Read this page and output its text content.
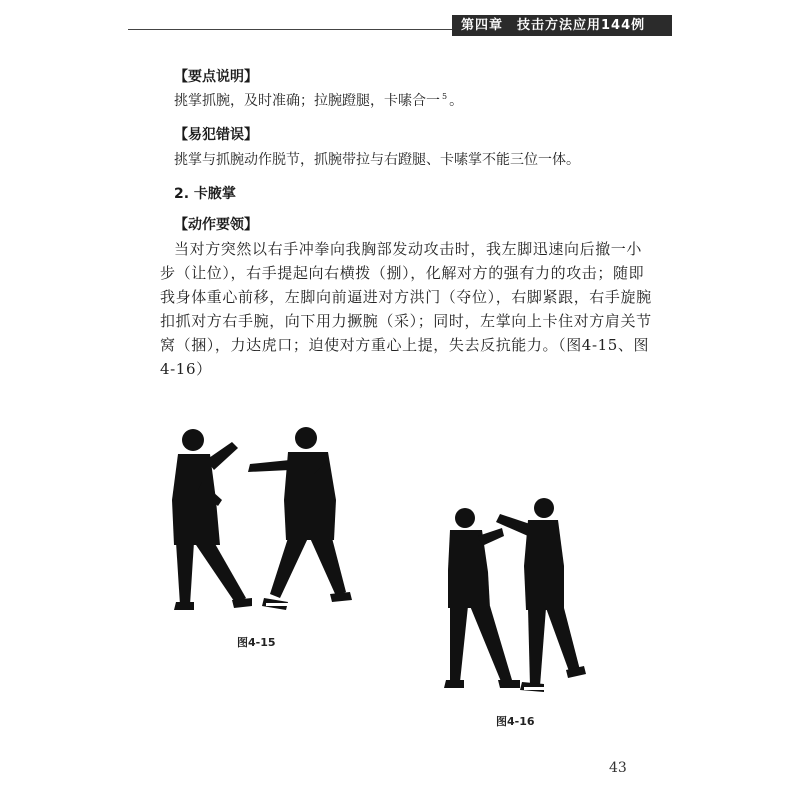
第四章 技击方法应用144例
【要点说明】
挑掌抓腕，及时准确；拉腕蹬腿，卡嗉合一 $^5$ 。
【易犯错误】
挑掌与抓腕动作脱节，抓腕带拉与右蹬腿、卡嗉掌不能三位一体。
2. 卡腋掌
【动作要领】
当对方突然以右手冲拳向我胸部发动攻击时，我左脚迅速向后撤一小
步（让位），右手提起向右横拨（捌），化解对方的强有力的攻击；随即
我身体重心前移，左脚向前逼进对方洪门（夺位），右脚紧跟，右手旋腕
扣抓对方右手腕，向下用力撅腕（采）；同时，左掌向上卡住对方肩关节
窝（捆），力达虎口；迫使对方重心上提，失去反抗能力。（图4-15、图
4-16）
图4-15
图4-16
43
